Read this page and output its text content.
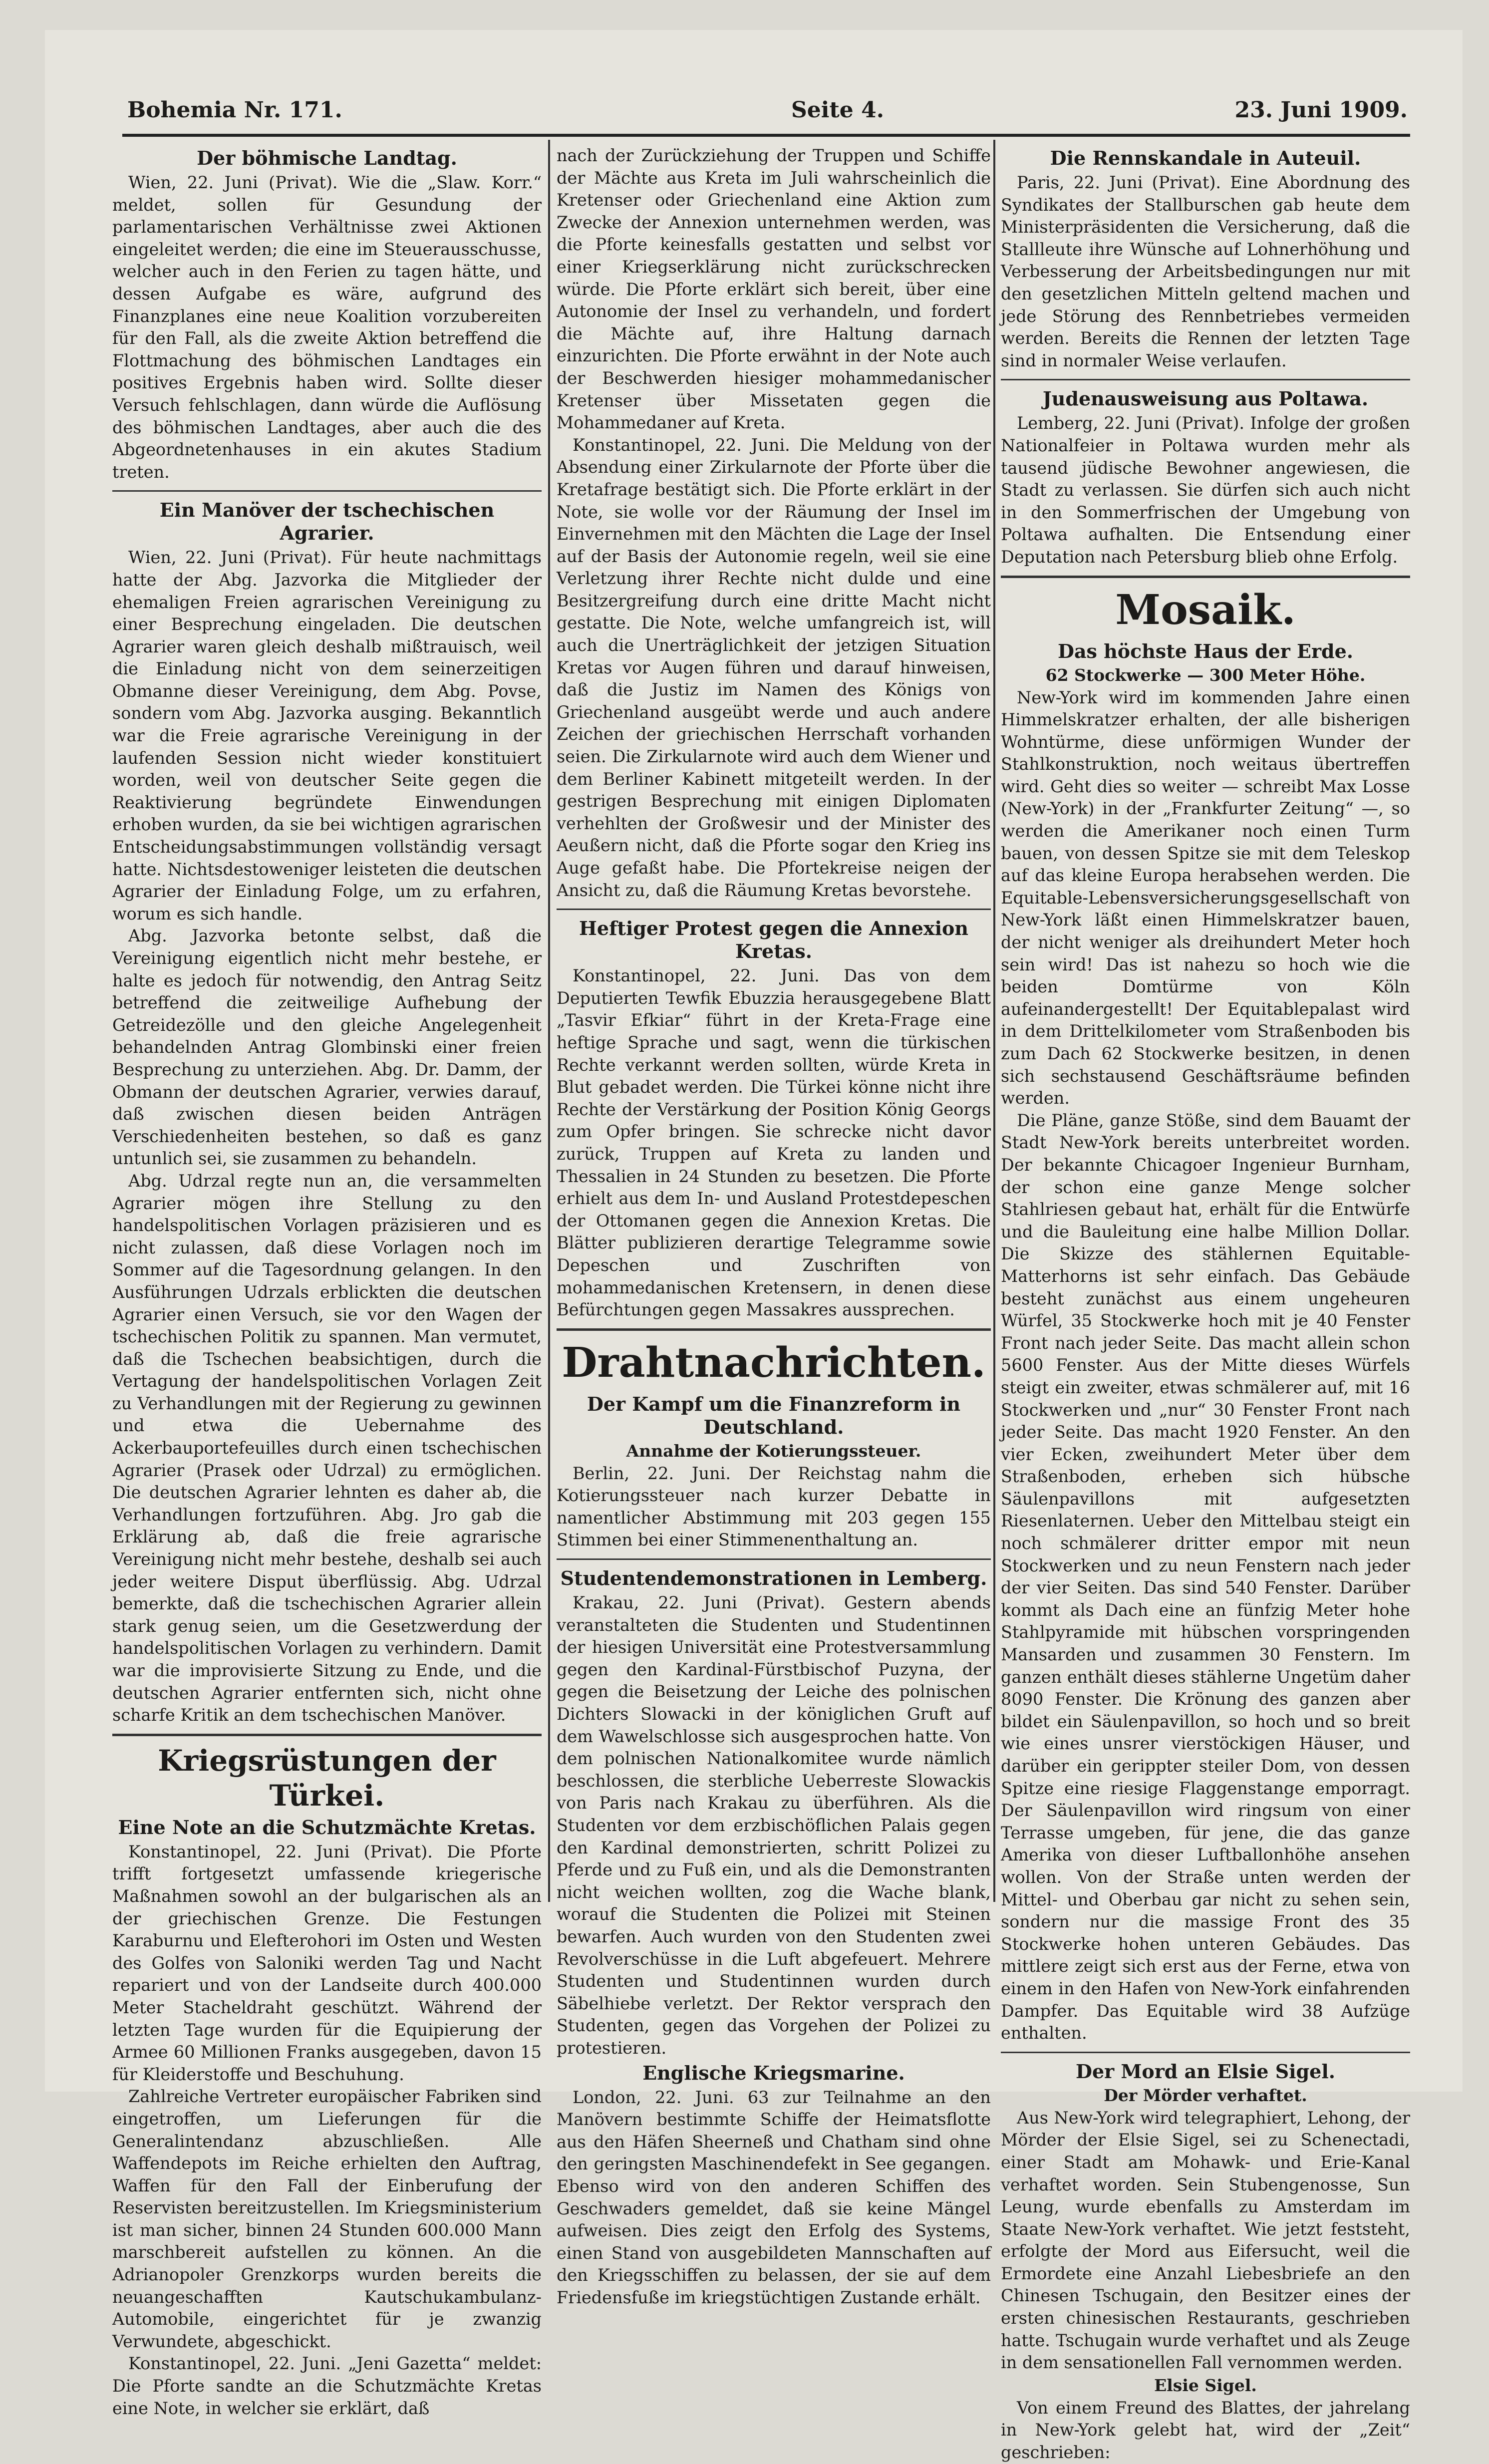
Bohemia Nr. 171.	Seite 4.	23. Juni 1909.
Der böhmische Landtag.

Wien, 22. Juni (Privat). Wie die „Slaw. Korr.“ meldet, sollen für Gesundung der parlamentarischen Verhältnisse zwei Aktionen eingeleitet werden; die eine im Steuerausschusse, welcher auch in den Ferien zu tagen hätte, und dessen Aufgabe es wäre, aufgrund des Finanzplanes eine neue Koalition vorzubereiten für den Fall, als die zweite Aktion betreffend die Flottmachung des böhmischen Landtages ein positives Ergebnis haben wird. Sollte dieser Versuch fehlschlagen, dann würde die Auflösung des böhmischen Landtages, aber auch die des Abgeordnetenhauses in ein akutes Stadium treten.

Ein Manöver der tschechischen Agrarier.

Wien, 22. Juni (Privat). Für heute nachmittags hatte der Abg. Jazvorka die Mitglieder der ehemaligen Freien agrarischen Vereinigung zu einer Besprechung eingeladen. Die deutschen Agrarier waren gleich deshalb mißtrauisch, weil die Einladung nicht von dem seinerzeitigen Obmanne dieser Vereinigung, dem Abg. Povse, sondern vom Abg. Jazvorka ausging. Bekanntlich war die Freie agrarische Vereinigung in der laufenden Session nicht wieder konstituiert worden, weil von deutscher Seite gegen die Reaktivierung begründete Einwendungen erhoben wurden, da sie bei wichtigen agrarischen Entscheidungsabstimmungen vollständig versagt hatte. Nichtsdestoweniger leisteten die deutschen Agrarier der Einladung Folge, um zu erfahren, worum es sich handle.

Abg. Jazvorka betonte selbst, daß die Vereinigung eigentlich nicht mehr bestehe, er halte es jedoch für notwendig, den Antrag Seitz betreffend die zeitweilige Aufhebung der Getreidezölle und den gleiche Angelegenheit behandelnden Antrag Glombinski einer freien Besprechung zu unterziehen. Abg. Dr. Damm, der Obmann der deutschen Agrarier, verwies darauf, daß zwischen diesen beiden Anträgen Verschiedenheiten bestehen, so daß es ganz untunlich sei, sie zusammen zu behandeln.

Abg. Udrzal regte nun an, die versammelten Agrarier mögen ihre Stellung zu den handelspolitischen Vorlagen präzisieren und es nicht zulassen, daß diese Vorlagen noch im Sommer auf die Tagesordnung gelangen. In den Ausführungen Udrzals erblickten die deutschen Agrarier einen Versuch, sie vor den Wagen der tschechischen Politik zu spannen. Man vermutet, daß die Tschechen beabsichtigen, durch die Vertagung der handelspolitischen Vorlagen Zeit zu Verhandlungen mit der Regierung zu gewinnen und etwa die Uebernahme des Ackerbauportefeuilles durch einen tschechischen Agrarier (Prasek oder Udrzal) zu ermöglichen. Die deutschen Agrarier lehnten es daher ab, die Verhandlungen fortzuführen. Abg. Jro gab die Erklärung ab, daß die freie agrarische Vereinigung nicht mehr bestehe, deshalb sei auch jeder weitere Disput überflüssig. Abg. Udrzal bemerkte, daß die tschechischen Agrarier allein stark genug seien, um die Gesetzwerdung der handelspolitischen Vorlagen zu verhindern. Damit war die improvisierte Sitzung zu Ende, und die deutschen Agrarier entfernten sich, nicht ohne scharfe Kritik an dem tschechischen Manöver.

Kriegsrüstungen der Türkei.
Eine Note an die Schutzmächte Kretas.

Konstantinopel, 22. Juni (Privat). Die Pforte trifft fortgesetzt umfassende kriegerische Maßnahmen sowohl an der bulgarischen als an der griechischen Grenze. Die Festungen Karaburnu und Elefterohori im Osten und Westen des Golfes von Saloniki werden Tag und Nacht repariert und von der Landseite durch 400.000 Meter Stacheldraht geschützt. Während der letzten Tage wurden für die Equipierung der Armee 60 Millionen Franks ausgegeben, davon 15 für Kleiderstoffe und Beschuhung.

Zahlreiche Vertreter europäischer Fabriken sind eingetroffen, um Lieferungen für die Generalintendanz abzuschließen. Alle Waffendepots im Reiche erhielten den Auftrag, Waffen für den Fall der Einberufung der Reservisten bereitzustellen. Im Kriegsministerium ist man sicher, binnen 24 Stunden 600.000 Mann marschbereit aufstellen zu können. An die Adrianopoler Grenzkorps wurden bereits die neuangeschafften Kautschukambulanz-Automobile, eingerichtet für je zwanzig Verwundete, abgeschickt.

Konstantinopel, 22. Juni. „Jeni Gazetta“ meldet: Die Pforte sandte an die Schutzmächte Kretas eine Note, in welcher sie erklärt, daß

nach der Zurückziehung der Truppen und Schiffe der Mächte aus Kreta im Juli wahrscheinlich die Kretenser oder Griechenland eine Aktion zum Zwecke der Annexion unternehmen werden, was die Pforte keinesfalls gestatten und selbst vor einer Kriegserklärung nicht zurückschrecken würde. Die Pforte erklärt sich bereit, über eine Autonomie der Insel zu verhandeln, und fordert die Mächte auf, ihre Haltung darnach einzurichten. Die Pforte erwähnt in der Note auch der Beschwerden hiesiger mohammedanischer Kretenser über Missetaten gegen die Mohammedaner auf Kreta.

Konstantinopel, 22. Juni. Die Meldung von der Absendung einer Zirkularnote der Pforte über die Kretafrage bestätigt sich. Die Pforte erklärt in der Note, sie wolle vor der Räumung der Insel im Einvernehmen mit den Mächten die Lage der Insel auf der Basis der Autonomie regeln, weil sie eine Verletzung ihrer Rechte nicht dulde und eine Besitzergreifung durch eine dritte Macht nicht gestatte. Die Note, welche umfangreich ist, will auch die Unerträglichkeit der jetzigen Situation Kretas vor Augen führen und darauf hinweisen, daß die Justiz im Namen des Königs von Griechenland ausgeübt werde und auch andere Zeichen der griechischen Herrschaft vorhanden seien. Die Zirkularnote wird auch dem Wiener und dem Berliner Kabinett mitgeteilt werden. In der gestrigen Besprechung mit einigen Diplomaten verhehlten der Großwesir und der Minister des Aeußern nicht, daß die Pforte sogar den Krieg ins Auge gefaßt habe. Die Pfortekreise neigen der Ansicht zu, daß die Räumung Kretas bevorstehe.

Heftiger Protest gegen die Annexion Kretas.

Konstantinopel, 22. Juni. Das von dem Deputierten Tewfik Ebuzzia herausgegebene Blatt „Tasvir Efkiar“ führt in der Kreta-Frage eine heftige Sprache und sagt, wenn die türkischen Rechte verkannt werden sollten, würde Kreta in Blut gebadet werden. Die Türkei könne nicht ihre Rechte der Verstärkung der Position König Georgs zum Opfer bringen. Sie schrecke nicht davor zurück, Truppen auf Kreta zu landen und Thessalien in 24 Stunden zu besetzen. Die Pforte erhielt aus dem In- und Ausland Protestdepeschen der Ottomanen gegen die Annexion Kretas. Die Blätter publizieren derartige Telegramme sowie Depeschen und Zuschriften von mohammedanischen Kretensern, in denen diese Befürchtungen gegen Massakres aussprechen.

Drahtnachrichten.
Der Kampf um die Finanzreform in Deutschland.
Annahme der Kotierungssteuer.

Berlin, 22. Juni. Der Reichstag nahm die Kotierungssteuer nach kurzer Debatte in namentlicher Abstimmung mit 203 gegen 155 Stimmen bei einer Stimmenenthaltung an.

Studentendemonstrationen in Lemberg.

Krakau, 22. Juni (Privat). Gestern abends veranstalteten die Studenten und Studentinnen der hiesigen Universität eine Protestversammlung gegen den Kardinal-Fürstbischof Puzyna, der gegen die Beisetzung der Leiche des polnischen Dichters Slowacki in der königlichen Gruft auf dem Wawelschlosse sich ausgesprochen hatte. Von dem polnischen Nationalkomitee wurde nämlich beschlossen, die sterbliche Ueberreste Slowackis von Paris nach Krakau zu überführen. Als die Studenten vor dem erzbischöflichen Palais gegen den Kardinal demonstrierten, schritt Polizei zu Pferde und zu Fuß ein, und als die Demonstranten nicht weichen wollten, zog die Wache blank, worauf die Studenten die Polizei mit Steinen bewarfen. Auch wurden von den Studenten zwei Revolverschüsse in die Luft abgefeuert. Mehrere Studenten und Studentinnen wurden durch Säbelhiebe verletzt. Der Rektor versprach den Studenten, gegen das Vorgehen der Polizei zu protestieren.

Englische Kriegsmarine.

London, 22. Juni. 63 zur Teilnahme an den Manövern bestimmte Schiffe der Heimatsflotte aus den Häfen Sheerneß und Chatham sind ohne den geringsten Maschinendefekt in See gegangen. Ebenso wird von den anderen Schiffen des Geschwaders gemeldet, daß sie keine Mängel aufweisen. Dies zeigt den Erfolg des Systems, einen Stand von ausgebildeten Mannschaften auf den Kriegsschiffen zu belassen, der sie auf dem Friedensfuße im kriegstüchtigen Zustande erhält.

Die Rennskandale in Auteuil.

Paris, 22. Juni (Privat). Eine Abordnung des Syndikates der Stallburschen gab heute dem Ministerpräsidenten die Versicherung, daß die Stallleute ihre Wünsche auf Lohnerhöhung und Verbesserung der Arbeitsbedingungen nur mit den gesetzlichen Mitteln geltend machen und jede Störung des Rennbetriebes vermeiden werden. Bereits die Rennen der letzten Tage sind in normaler Weise verlaufen.

Judenausweisung aus Poltawa.

Lemberg, 22. Juni (Privat). Infolge der großen Nationalfeier in Poltawa wurden mehr als tausend jüdische Bewohner angewiesen, die Stadt zu verlassen. Sie dürfen sich auch nicht in den Sommerfrischen der Umgebung von Poltawa aufhalten. Die Entsendung einer Deputation nach Petersburg blieb ohne Erfolg.

Mosaik.
Das höchste Haus der Erde.
62 Stockwerke — 300 Meter Höhe.

New-York wird im kommenden Jahre einen Himmelskratzer erhalten, der alle bisherigen Wohntürme, diese unförmigen Wunder der Stahlkonstruktion, noch weitaus übertreffen wird. Geht dies so weiter — schreibt Max Losse (New-York) in der „Frankfurter Zeitung“ —, so werden die Amerikaner noch einen Turm bauen, von dessen Spitze sie mit dem Teleskop auf das kleine Europa herabsehen werden. Die Equitable-Lebensversicherungsgesellschaft von New-York läßt einen Himmelskratzer bauen, der nicht weniger als dreihundert Meter hoch sein wird! Das ist nahezu so hoch wie die beiden Domtürme von Köln aufeinandergestellt! Der Equitablepalast wird in dem Drittelkilometer vom Straßenboden bis zum Dach 62 Stockwerke besitzen, in denen sich sechstausend Geschäftsräume befinden werden.

Die Pläne, ganze Stöße, sind dem Bauamt der Stadt New-York bereits unterbreitet worden. Der bekannte Chicagoer Ingenieur Burnham, der schon eine ganze Menge solcher Stahlriesen gebaut hat, erhält für die Entwürfe und die Bauleitung eine halbe Million Dollar. Die Skizze des stählernen Equitable-Matterhorns ist sehr einfach. Das Gebäude besteht zunächst aus einem ungeheuren Würfel, 35 Stockwerke hoch mit je 40 Fenster Front nach jeder Seite. Das macht allein schon 5600 Fenster. Aus der Mitte dieses Würfels steigt ein zweiter, etwas schmälerer auf, mit 16 Stockwerken und „nur“ 30 Fenster Front nach jeder Seite. Das macht 1920 Fenster. An den vier Ecken, zweihundert Meter über dem Straßenboden, erheben sich hübsche Säulenpavillons mit aufgesetzten Riesenlaternen. Ueber den Mittelbau steigt ein noch schmälerer dritter empor mit neun Stockwerken und zu neun Fenstern nach jeder der vier Seiten. Das sind 540 Fenster. Darüber kommt als Dach eine an fünfzig Meter hohe Stahlpyramide mit hübschen vorspringenden Mansarden und zusammen 30 Fenstern. Im ganzen enthält dieses stählerne Ungetüm daher 8090 Fenster. Die Krönung des ganzen aber bildet ein Säulenpavillon, so hoch und so breit wie eines unsrer vierstöckigen Häuser, und darüber ein gerippter steiler Dom, von dessen Spitze eine riesige Flaggenstange emporragt. Der Säulenpavillon wird ringsum von einer Terrasse umgeben, für jene, die das ganze Amerika von dieser Luftballonhöhe ansehen wollen. Von der Straße unten werden der Mittel- und Oberbau gar nicht zu sehen sein, sondern nur die massige Front des 35 Stockwerke hohen unteren Gebäudes. Das mittlere zeigt sich erst aus der Ferne, etwa von einem in den Hafen von New-York einfahrenden Dampfer. Das Equitable wird 38 Aufzüge enthalten.

Der Mord an Elsie Sigel.
Der Mörder verhaftet.

Aus New-York wird telegraphiert, Lehong, der Mörder der Elsie Sigel, sei zu Schenectadi, einer Stadt am Mohawk- und Erie-Kanal verhaftet worden. Sein Stubengenosse, Sun Leung, wurde ebenfalls zu Amsterdam im Staate New-York verhaftet. Wie jetzt feststeht, erfolgte der Mord aus Eifersucht, weil die Ermordete eine Anzahl Liebesbriefe an den Chinesen Tschugain, den Besitzer eines der ersten chinesischen Restaurants, geschrieben hatte. Tschugain wurde verhaftet und als Zeuge in dem sensationellen Fall vernommen werden.

Elsie Sigel.

Von einem Freund des Blattes, der jahrelang in New-York gelebt hat, wird der „Zeit“ geschrieben:
